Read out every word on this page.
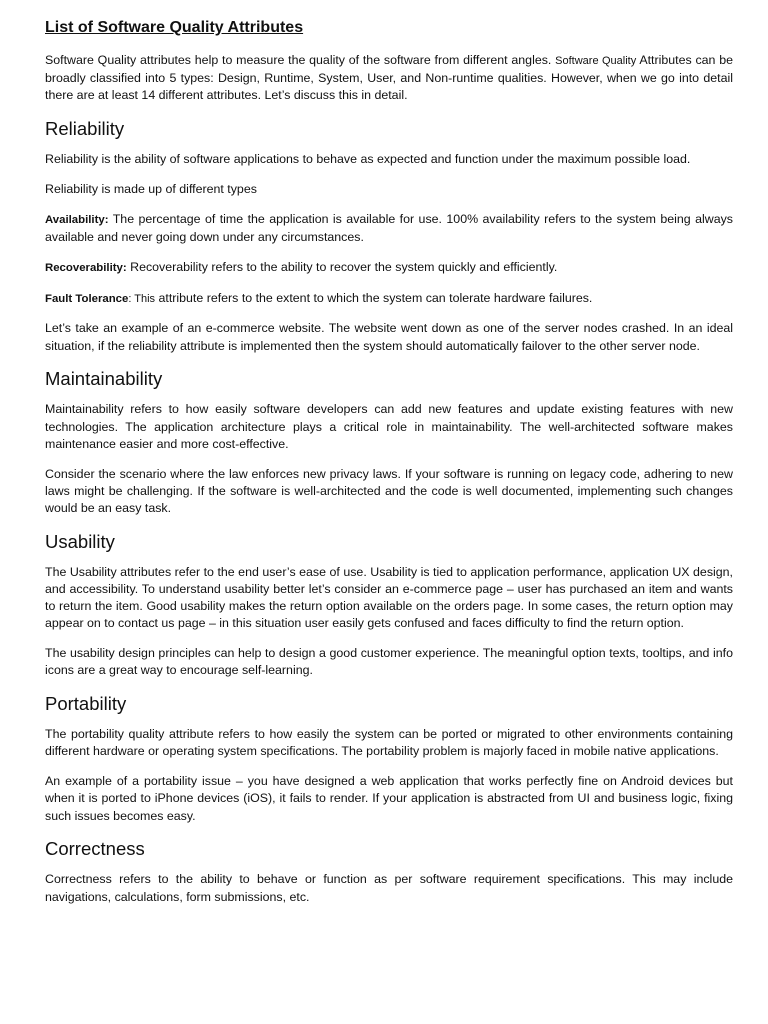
List of Software Quality Attributes

Software Quality attributes help to measure the quality of the software from different angles. Software Quality Attributes can be broadly classified into 5 types: Design, Runtime, System, User, and Non-runtime qualities. However, when we go into detail there are at least 14 different attributes. Let’s discuss this in detail.

Reliability

Reliability is the ability of software applications to behave as expected and function under the maximum possible load.

Reliability is made up of different types

Availability: The percentage of time the application is available for use. 100% availability refers to the system being always available and never going down under any circumstances.

Recoverability: Recoverability refers to the ability to recover the system quickly and efficiently.

Fault Tolerance: This attribute refers to the extent to which the system can tolerate hardware failures.

Let’s take an example of an e-commerce website. The website went down as one of the server nodes crashed. In an ideal situation, if the reliability attribute is implemented then the system should automatically failover to the other server node.

Maintainability

Maintainability refers to how easily software developers can add new features and update existing features with new technologies. The application architecture plays a critical role in maintainability. The well-architected software makes maintenance easier and more cost-effective.

Consider the scenario where the law enforces new privacy laws. If your software is running on legacy code, adhering to new laws might be challenging. If the software is well-architected and the code is well documented, implementing such changes would be an easy task.

Usability

The Usability attributes refer to the end user’s ease of use. Usability is tied to application performance, application UX design, and accessibility. To understand usability better let’s consider an e-commerce page – user has purchased an item and wants to return the item. Good usability makes the return option available on the orders page. In some cases, the return option may appear on to contact us page – in this situation user easily gets confused and faces difficulty to find the return option.

The usability design principles can help to design a good customer experience. The meaningful option texts, tooltips, and info icons are a great way to encourage self-learning.

Portability

The portability quality attribute refers to how easily the system can be ported or migrated to other environments containing different hardware or operating system specifications. The portability problem is majorly faced in mobile native applications.

An example of a portability issue – you have designed a web application that works perfectly fine on Android devices but when it is ported to iPhone devices (iOS), it fails to render. If your application is abstracted from UI and business logic, fixing such issues becomes easy.

Correctness

Correctness refers to the ability to behave or function as per software requirement specifications. This may include navigations, calculations, form submissions, etc.
